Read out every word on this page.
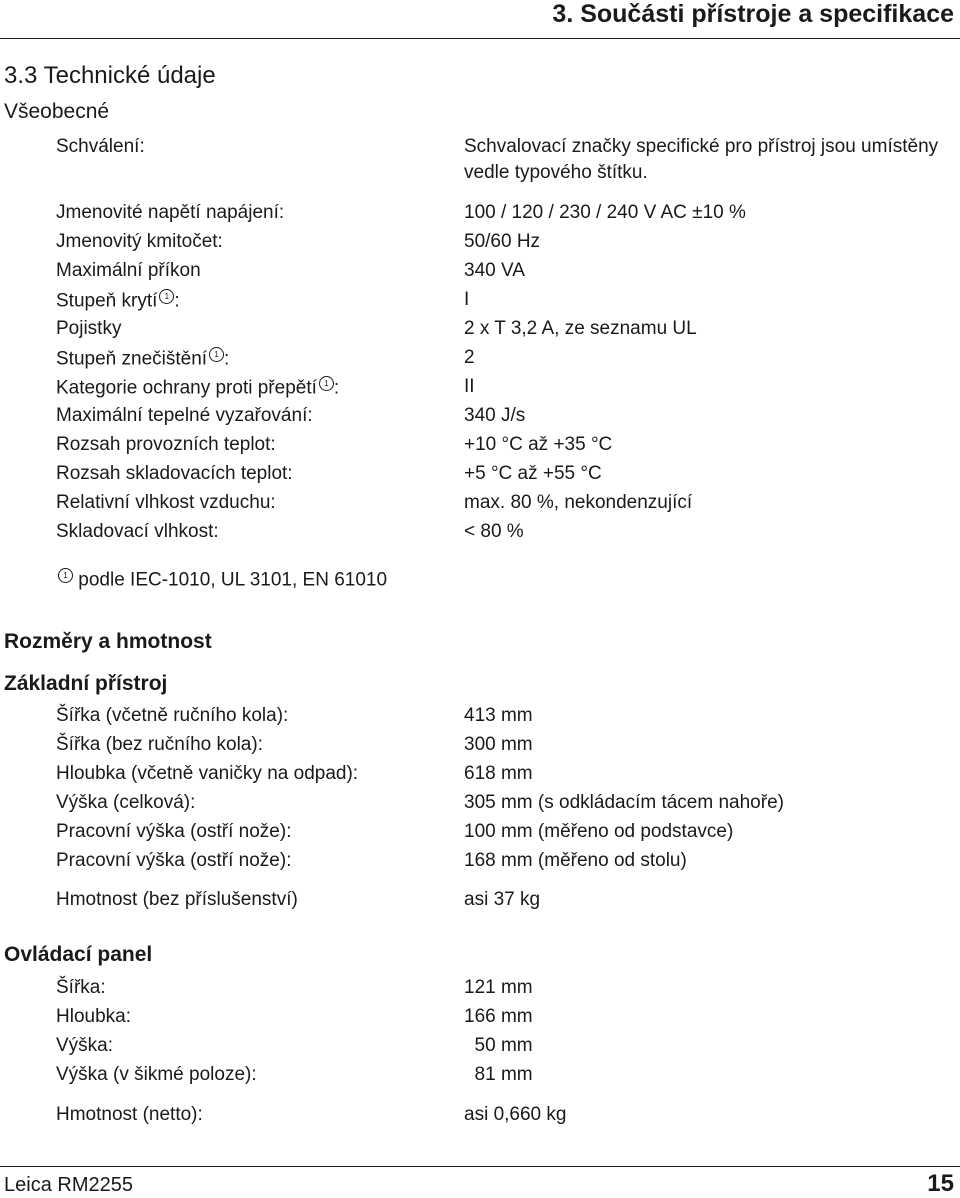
3. Součásti přístroje a specifikace
3.3 Technické údaje
Všeobecné
Schválení:	Schvalovací značky specifické pro přístroj jsou umístěny
vedle typového štítku.
Jmenovité napětí napájení:	100 / 120 / 230 / 240 V AC ±10 %
Jmenovitý kmitočet:	50/60 Hz
Maximální příkon	340 VA
Stupeň krytí 1 :	I
Pojistky	2 x T 3,2 A, ze seznamu UL
Stupeň znečištění 1 :	2
Kategorie ochrany proti přepětí 1 :	II
Maximální tepelné vyzařování:	340 J/s
Rozsah provozních teplot:	+10 °C až +35 °C
Rozsah skladovacích teplot:	+5 °C až +55 °C
Relativní vlhkost vzduchu:	max. 80 %, nekondenzující
Skladovací vlhkost:	< 80 %
1 podle IEC-1010, UL 3101, EN 61010
Rozměry a hmotnost
Základní přístroj
Šířka (včetně ručního kola):	413 mm
Šířka (bez ručního kola):	300 mm
Hloubka (včetně vaničky na odpad):	618 mm
Výška (celková):	305 mm (s odkládacím tácem nahoře)
Pracovní výška (ostří nože):	100 mm (měřeno od podstavce)
Pracovní výška (ostří nože):	168 mm (měřeno od stolu)
Hmotnost (bez příslušenství)	asi 37 kg
Ovládací panel
Šířka:	121 mm
Hloubka:	166 mm
Výška:	50 mm
Výška (v šikmé poloze):	81 mm
Hmotnost (netto):	asi 0,660 kg
Leica RM2255	15
